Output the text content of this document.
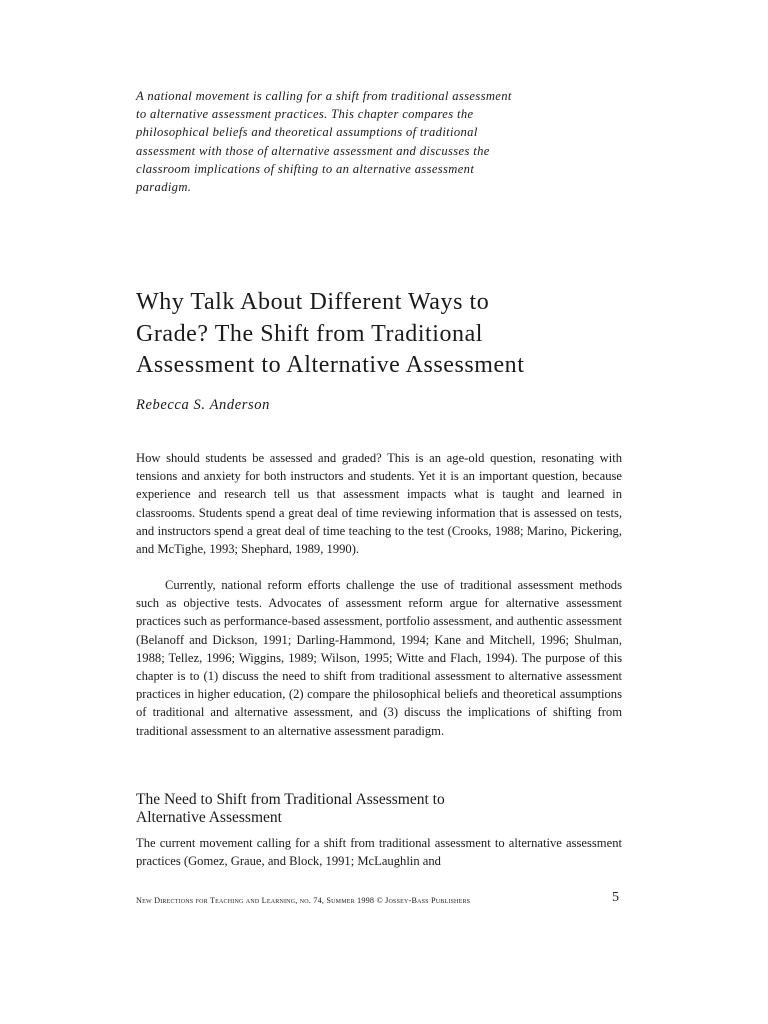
A national movement is calling for a shift from traditional assessment
to alternative assessment practices. This chapter compares the
philosophical beliefs and theoretical assumptions of traditional
assessment with those of alternative assessment and discusses the
classroom implications of shifting to an alternative assessment
paradigm.

Why Talk About Different Ways to
Grade? The Shift from Traditional
Assessment to Alternative Assessment

Rebecca S. Anderson

How should students be assessed and graded? This is an age-old question, resonating with tensions and anxiety for both instructors and students. Yet it is an important question, because experience and research tell us that assessment impacts what is taught and learned in classrooms. Students spend a great deal of time reviewing information that is assessed on tests, and instructors spend a great deal of time teaching to the test (Crooks, 1988; Marino, Pickering, and McTighe, 1993; Shephard, 1989, 1990).

Currently, national reform efforts challenge the use of traditional assessment methods such as objective tests. Advocates of assessment reform argue for alternative assessment practices such as performance-based assessment, portfolio assessment, and authentic assessment (Belanoff and Dickson, 1991; Darling-Hammond, 1994; Kane and Mitchell, 1996; Shulman, 1988; Tellez, 1996; Wiggins, 1989; Wilson, 1995; Witte and Flach, 1994). The purpose of this chapter is to (1) discuss the need to shift from traditional assessment to alternative assessment practices in higher education, (2) compare the philosophical beliefs and theoretical assumptions of traditional and alternative assessment, and (3) discuss the implications of shifting from traditional assessment to an alternative assessment paradigm.

The Need to Shift from Traditional Assessment to
Alternative Assessment

The current movement calling for a shift from traditional assessment to alternative assessment practices (Gomez, Graue, and Block, 1991; McLaughlin and

New Directions for Teaching and Learning, no. 74, Summer 1998 © Jossey-Bass Publishers	5
